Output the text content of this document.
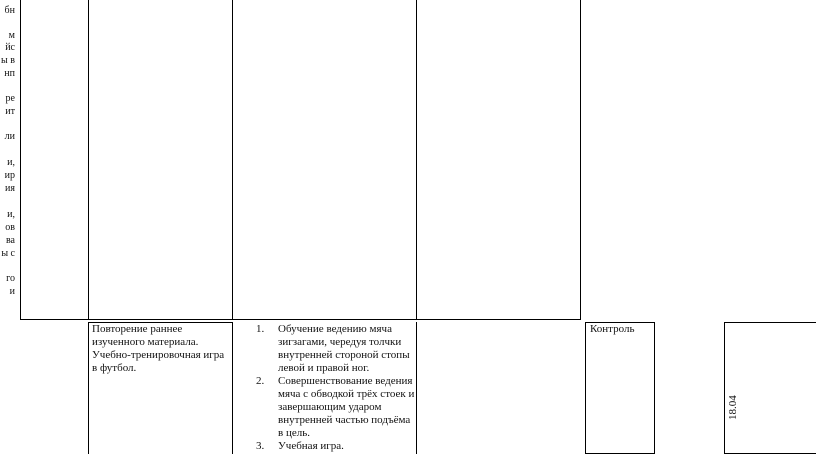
бн
м
йс
ы в
нп
ре
ит
ли
и,
ир
ия
и,
ов
ва
ы с
го
и
Повторение раннее изученного материала. Учебно-тренировочная игра в футбол.
1. Обучение ведению мяча зигзагами, чередуя толчки внутренней стороной стопы левой и правой ног.
2. Совершенствование ведения мяча с обводкой трёх стоек и завершающим ударом внутренней частью подъёма в цель.
3. Учебная игра.
Контроль
18.04
